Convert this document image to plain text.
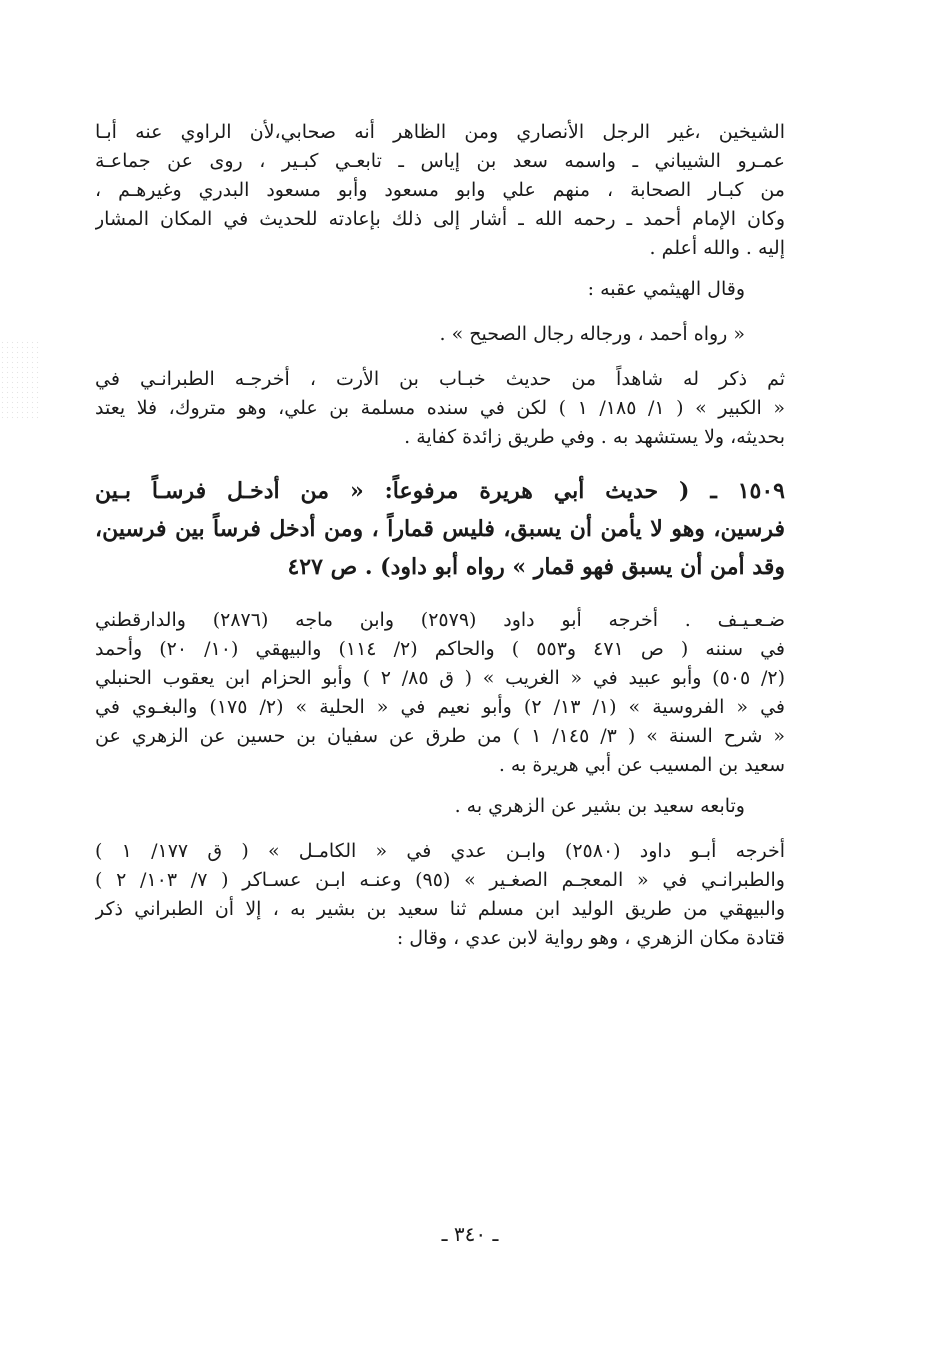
الشيخين ،غير الرجل الأنصاري ومن الظاهر أنه صحابي،لأن الراوي عنه أبـا
عمـرو الشيباني ـ واسمه سعد بن إياس ـ تابعـي كبـير ، روى عن جماعـة
من كبـار الصحابة ، منهم علي وابو مسعود وأبو مسعود البدري وغيرهـم ،
وكان الإمام أحمد ـ رحمه الله ـ أشار إلى ذلك بإعادته للحديث في المكان المشار
إليه . والله أعلم .
وقال الهيثمي عقبه :
« رواه أحمد ، ورجاله رجال الصحيح » .
ثم ذكر له شاهداً من حديث خبـاب بن الأرت ، أخرجـه الطبرانـي في
« الكبير » ( ١/ ١٨٥/ ١ ) لكن في سنده مسلمة بن علي، وهو متروك، فلا يعتد
بحديثه، ولا يستشهد به . وفي طريق زائدة كفاية .
١٥٠٩ ـ ( حديث أبي هريرة مرفوعاً: « من أدخـل فرسـاً بـين
فرسين، وهو لا يأمن أن يسبق، فليس قماراً ، ومن أدخل فرساً بين فرسين،
وقد أمن أن يسبق فهو قمار » رواه أبو داود) . ص ٤٢٧
ضـعـيـف . أخرجه أبو داود (٢٥٧٩) وابن ماجه (٢٨٧٦) والدارقطني
في سننه ( ص ٤٧١ و٥٥٣ ) والحاكم (٢/ ١١٤) والبيهقي (١٠/ ٢٠) وأحمد
(٢/ ٥٠٥) وأبو عبيد في « الغريب » ( ق ٨٥/ ٢ ) وأبو الحزام ابن يعقوب الحنبلي
في « الفروسية » (١/ ١٣/ ٢) وأبو نعيم في « الحلية » (٢/ ١٧٥) والبغـوي في
« شرح السنة » ( ٣/ ١٤٥/ ١ ) من طرق عن سفيان بن حسين عن الزهري عن
سعيد بن المسيب عن أبي هريرة به .
وتابعه سعيد بن بشير عن الزهري به .
أخرجه أبـو داود (٢٥٨٠) وابـن عدي في « الكامـل » ( ق ١٧٧/ ١ )
والطبرانـي في « المعجـم الصغـير » (٩٥) وعنـه ابـن عسـاكر ( ٧/ ١٠٣/ ٢ )
والبيهقي من طريق الوليد ابن مسلم ثنا سعيد بن بشير به ، إلا أن الطبراني ذكر
قتادة مكان الزهري ، وهو رواية لابن عدي ، وقال :
ـ ٣٤٠ ـ
